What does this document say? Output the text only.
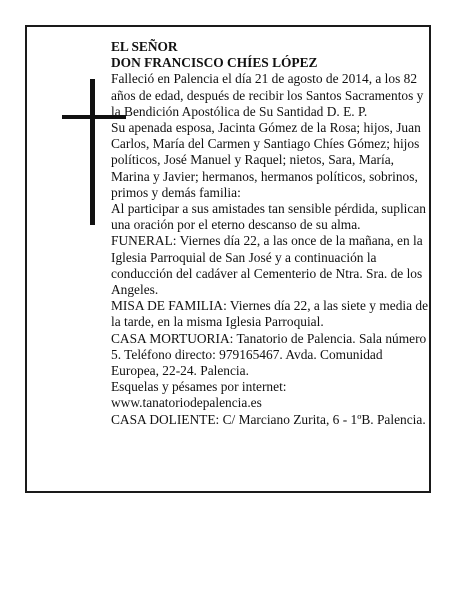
EL SEÑOR

DON FRANCISCO CHÍES LÓPEZ

Falleció en Palencia el día 21 de agosto de 2014, a los 82 años de edad, después de recibir los Santos Sacramentos y la Bendición Apostólica de Su Santidad D. E. P.

Su apenada esposa, Jacinta Gómez de la Rosa; hijos, Juan Carlos, María del Carmen y Santiago Chíes Gómez; hijos políticos, José Manuel y Raquel; nietos, Sara, María, Marina y Javier; hermanos, hermanos políticos, sobrinos, primos y demás familia:

Al participar a sus amistades tan sensible pérdida, suplican una oración por el eterno descanso de su alma.

FUNERAL: Viernes día 22, a las once de la mañana, en la Iglesia Parroquial de San José y a continuación la conducción del cadáver al Cementerio de Ntra. Sra. de los Angeles.

MISA DE FAMILIA: Viernes día 22, a las siete y media de la tarde, en la misma Iglesia Parroquial.

CASA MORTUORIA: Tanatorio de Palencia. Sala número 5. Teléfono directo: 979165467. Avda. Comunidad Europea, 22-24. Palencia.

Esquelas y pésames por internet: www.tanatoriodepalencia.es

CASA DOLIENTE: C/ Marciano Zurita, 6 - 1ºB. Palencia.
